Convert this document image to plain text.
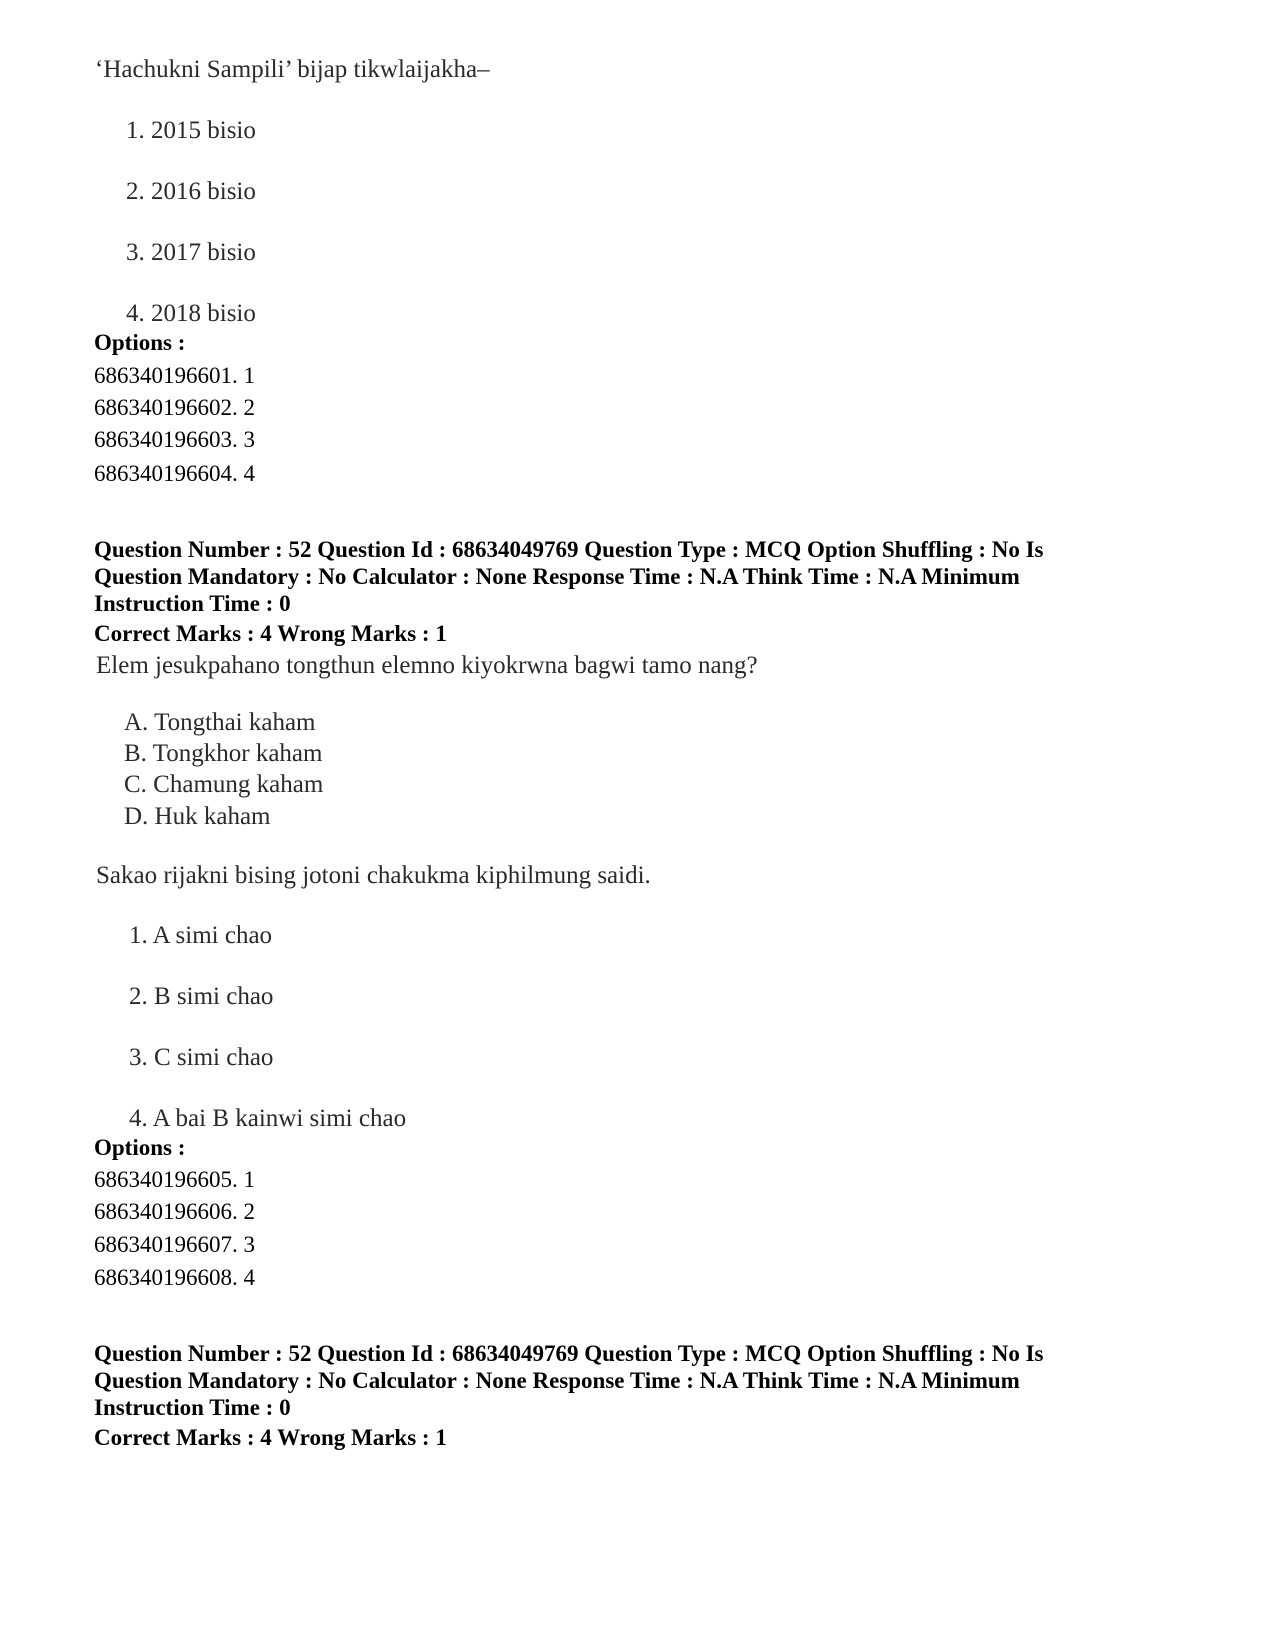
‘Hachukni Sampili’ bijap tikwlaijakha–
1. 2015 bisio
2. 2016 bisio
3. 2017 bisio
4. 2018 bisio
Options :
686340196601. 1
686340196602. 2
686340196603. 3
686340196604. 4
Question Number : 52 Question Id : 68634049769 Question Type : MCQ Option Shuffling : No Is
Question Mandatory : No Calculator : None Response Time : N.A Think Time : N.A Minimum
Instruction Time : 0
Correct Marks : 4 Wrong Marks : 1
Elem jesukpahano tongthun elemno kiyokrwna bagwi tamo nang?
A. Tongthai kaham
B. Tongkhor kaham
C. Chamung kaham
D. Huk kaham
Sakao rijakni bising jotoni chakukma kiphilmung saidi.
1. A simi chao
2. B simi chao
3. C simi chao
4. A bai B kainwi simi chao
Options :
686340196605. 1
686340196606. 2
686340196607. 3
686340196608. 4
Question Number : 52 Question Id : 68634049769 Question Type : MCQ Option Shuffling : No Is
Question Mandatory : No Calculator : None Response Time : N.A Think Time : N.A Minimum
Instruction Time : 0
Correct Marks : 4 Wrong Marks : 1
